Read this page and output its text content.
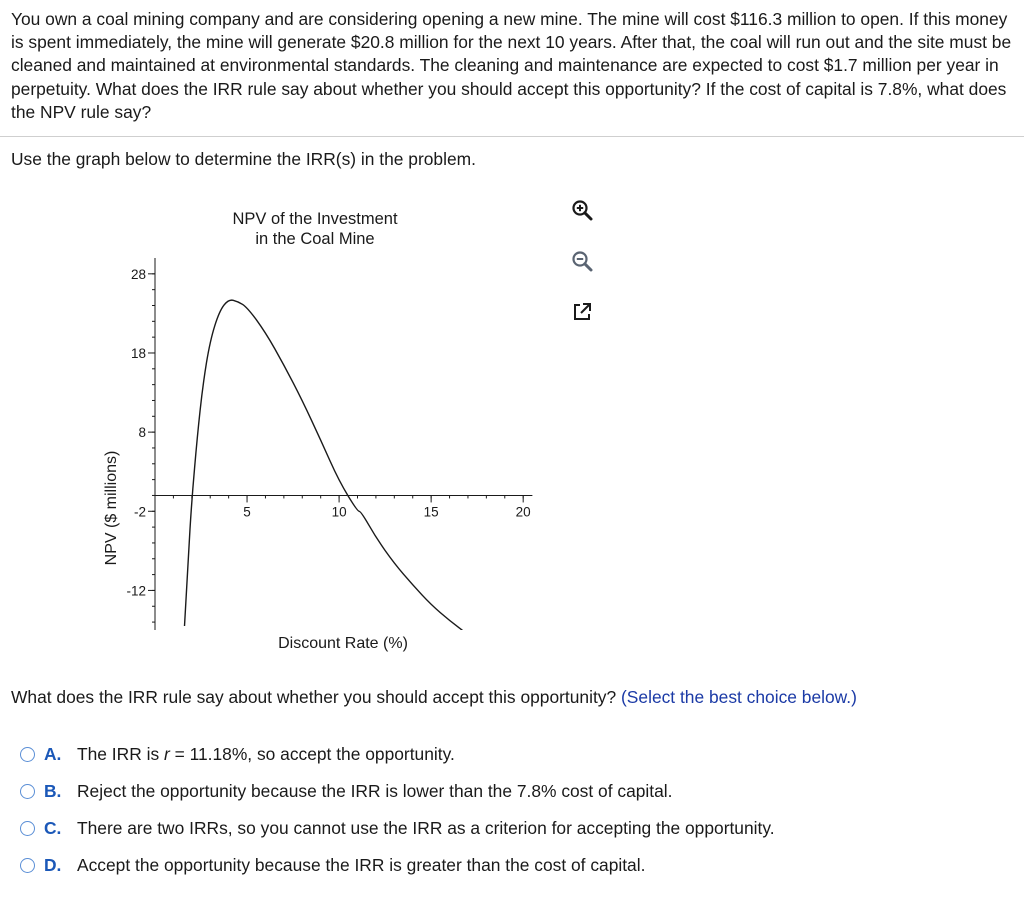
You own a coal mining company and are considering opening a new mine. The mine will cost $116.3 million to open. If this money is spent immediately, the mine will generate $20.8 million for the next 10 years. After that, the coal will run out and the site must be cleaned and maintained at environmental standards. The cleaning and maintenance are expected to cost $1.7 million per year in perpetuity. What does the IRR rule say about whether you should accept this opportunity? If the cost of capital is 7.8%, what does the NPV rule say?
Use the graph below to determine the IRR(s) in the problem.
NPV of the Investment
in the Coal Mine
NPV ($ millions)
Discount Rate (%)
28
18
8
-2
-12
5	10	15	20
What does the IRR rule say about whether you should accept this opportunity? (Select the best choice below.)
A. The IRR is r = 11.18%, so accept the opportunity.
B. Reject the opportunity because the IRR is lower than the 7.8% cost of capital.
C. There are two IRRs, so you cannot use the IRR as a criterion for accepting the opportunity.
D. Accept the opportunity because the IRR is greater than the cost of capital.
